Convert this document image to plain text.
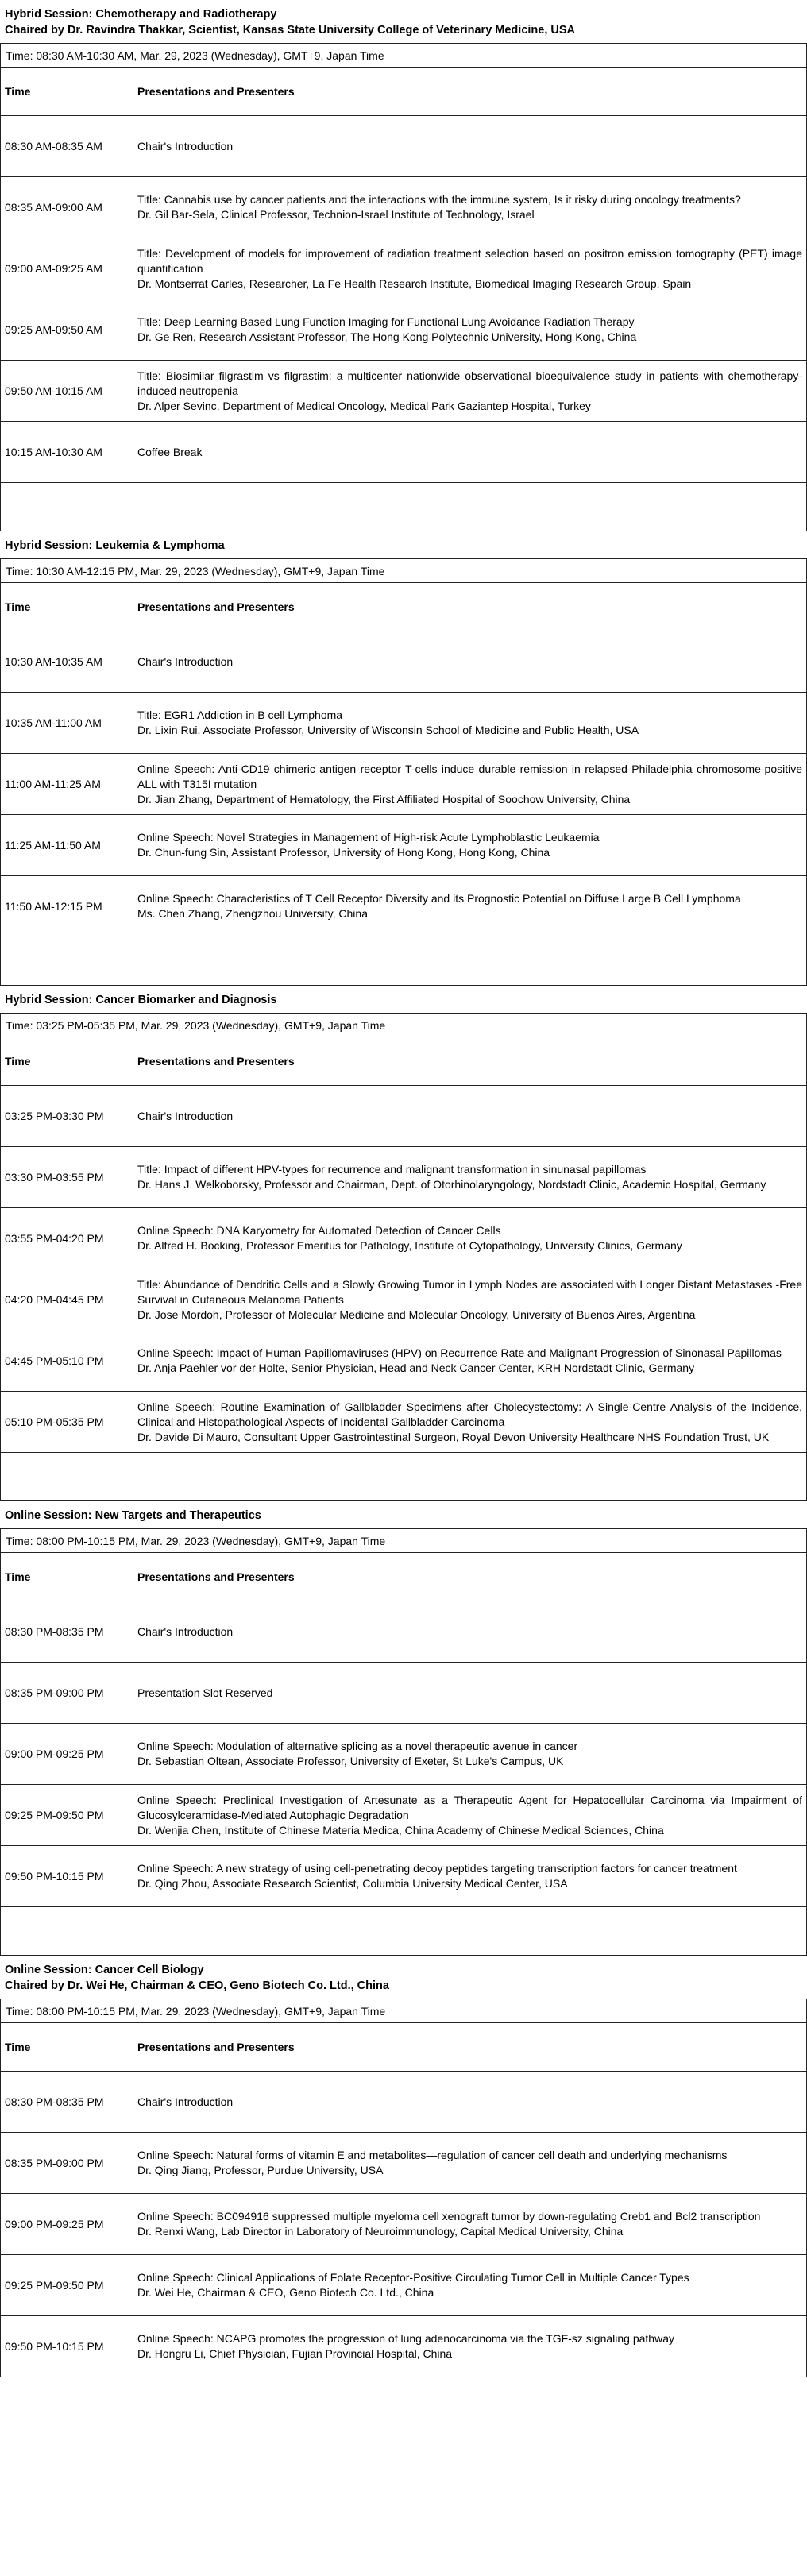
Hybrid Session: Chemotherapy and Radiotherapy
Chaired by Dr. Ravindra Thakkar, Scientist, Kansas State University College of Veterinary Medicine, USA
Time: 08:30 AM-10:30 AM, Mar. 29, 2023 (Wednesday), GMT+9, Japan Time
Time	Presentations and Presenters
08:30 AM-08:35 AM	Chair's Introduction

08:35 AM-09:00 AM	Title: Cannabis use by cancer patients and the interactions with the immune system, Is it risky during oncology treatments?
Dr. Gil Bar-Sela, Clinical Professor, Technion-Israel Institute of Technology, Israel

09:00 AM-09:25 AM	Title: Development of models for improvement of radiation treatment selection based on positron emission tomography (PET) image quantification
Dr. Montserrat Carles, Researcher, La Fe Health Research Institute, Biomedical Imaging Research Group, Spain

09:25 AM-09:50 AM	Title: Deep Learning Based Lung Function Imaging for Functional Lung Avoidance Radiation Therapy
Dr. Ge Ren, Research Assistant Professor, The Hong Kong Polytechnic University, Hong Kong, China

09:50 AM-10:15 AM	Title: Biosimilar filgrastim vs filgrastim: a multicenter nationwide observational bioequivalence study in patients with chemotherapy-induced neutropenia
Dr. Alper Sevinc, Department of Medical Oncology, Medical Park Gaziantep Hospital, Turkey

10:15 AM-10:30 AM	Coffee Break
Hybrid Session: Leukemia & Lymphoma
Time: 10:30 AM-12:15 PM, Mar. 29, 2023 (Wednesday), GMT+9, Japan Time
Time	Presentations and Presenters
10:30 AM-10:35 AM	Chair's Introduction

10:35 AM-11:00 AM	Title: EGR1 Addiction in B cell Lymphoma
Dr. Lixin Rui, Associate Professor, University of Wisconsin School of Medicine and Public Health, USA

11:00 AM-11:25 AM	Online Speech: Anti-CD19 chimeric antigen receptor T-cells induce durable remission in relapsed Philadelphia chromosome-positive ALL with T315I mutation
Dr. Jian Zhang, Department of Hematology, the First Affiliated Hospital of Soochow University, China

11:25 AM-11:50 AM	Online Speech: Novel Strategies in Management of High-risk Acute Lymphoblastic Leukaemia
Dr. Chun-fung Sin, Assistant Professor, University of Hong Kong, Hong Kong, China

11:50 AM-12:15 PM	Online Speech: Characteristics of T Cell Receptor Diversity and its Prognostic Potential on Diffuse Large B Cell Lymphoma
Ms. Chen Zhang, Zhengzhou University, China
Hybrid Session: Cancer Biomarker and Diagnosis
Time: 03:25 PM-05:35 PM, Mar. 29, 2023 (Wednesday), GMT+9, Japan Time
Time	Presentations and Presenters
03:25 PM-03:30 PM	Chair's Introduction

03:30 PM-03:55 PM	Title: Impact of different HPV-types for recurrence and malignant transformation in sinunasal papillomas
Dr. Hans J. Welkoborsky, Professor and Chairman, Dept. of Otorhinolaryngology, Nordstadt Clinic, Academic Hospital, Germany

03:55 PM-04:20 PM	Online Speech: DNA Karyometry for Automated Detection of Cancer Cells
Dr. Alfred H. Bocking, Professor Emeritus for Pathology, Institute of Cytopathology, University Clinics, Germany

04:20 PM-04:45 PM	Title: Abundance of Dendritic Cells and a Slowly Growing Tumor in Lymph Nodes are associated with Longer Distant Metastases -Free Survival in Cutaneous Melanoma Patients
Dr. Jose Mordoh, Professor of Molecular Medicine and Molecular Oncology, University of Buenos Aires, Argentina

04:45 PM-05:10 PM	Online Speech: Impact of Human Papillomaviruses (HPV) on Recurrence Rate and Malignant Progression of Sinonasal Papillomas
Dr. Anja Paehler vor der Holte, Senior Physician, Head and Neck Cancer Center, KRH Nordstadt Clinic, Germany

05:10 PM-05:35 PM	Online Speech: Routine Examination of Gallbladder Specimens after Cholecystectomy: A Single-Centre Analysis of the Incidence, Clinical and Histopathological Aspects of Incidental Gallbladder Carcinoma
Dr. Davide Di Mauro, Consultant Upper Gastrointestinal Surgeon, Royal Devon University Healthcare NHS Foundation Trust, UK
Online Session: New Targets and Therapeutics
Time: 08:00 PM-10:15 PM, Mar. 29, 2023 (Wednesday), GMT+9, Japan Time
Time	Presentations and Presenters
08:30 PM-08:35 PM	Chair's Introduction

08:35 PM-09:00 PM	Presentation Slot Reserved

09:00 PM-09:25 PM	Online Speech: Modulation of alternative splicing as a novel therapeutic avenue in cancer
Dr. Sebastian Oltean, Associate Professor, University of Exeter, St Luke's Campus, UK

09:25 PM-09:50 PM	Online Speech: Preclinical Investigation of Artesunate as a Therapeutic Agent for Hepatocellular Carcinoma via Impairment of Glucosylceramidase-Mediated Autophagic Degradation
Dr. Wenjia Chen, Institute of Chinese Materia Medica, China Academy of Chinese Medical Sciences, China

09:50 PM-10:15 PM	Online Speech: A new strategy of using cell-penetrating decoy peptides targeting transcription factors for cancer treatment
Dr. Qing Zhou, Associate Research Scientist, Columbia University Medical Center, USA
Online Session: Cancer Cell Biology
Chaired by Dr. Wei He, Chairman & CEO, Geno Biotech Co. Ltd., China
Time: 08:00 PM-10:15 PM, Mar. 29, 2023 (Wednesday), GMT+9, Japan Time
Time	Presentations and Presenters
08:30 PM-08:35 PM	Chair's Introduction

08:35 PM-09:00 PM	Online Speech: Natural forms of vitamin E and metabolites—regulation of cancer cell death and underlying mechanisms
Dr. Qing Jiang, Professor, Purdue University, USA

09:00 PM-09:25 PM	Online Speech: BC094916 suppressed multiple myeloma cell xenograft tumor by down-regulating Creb1 and Bcl2 transcription
Dr. Renxi Wang, Lab Director in Laboratory of Neuroimmunology, Capital Medical University, China

09:25 PM-09:50 PM	Online Speech: Clinical Applications of Folate Receptor-Positive Circulating Tumor Cell in Multiple Cancer Types
Dr. Wei He, Chairman & CEO, Geno Biotech Co. Ltd., China

09:50 PM-10:15 PM	Online Speech: NCAPG promotes the progression of lung adenocarcinoma via the TGF-sz signaling pathway
Dr. Hongru Li, Chief Physician, Fujian Provincial Hospital, China
